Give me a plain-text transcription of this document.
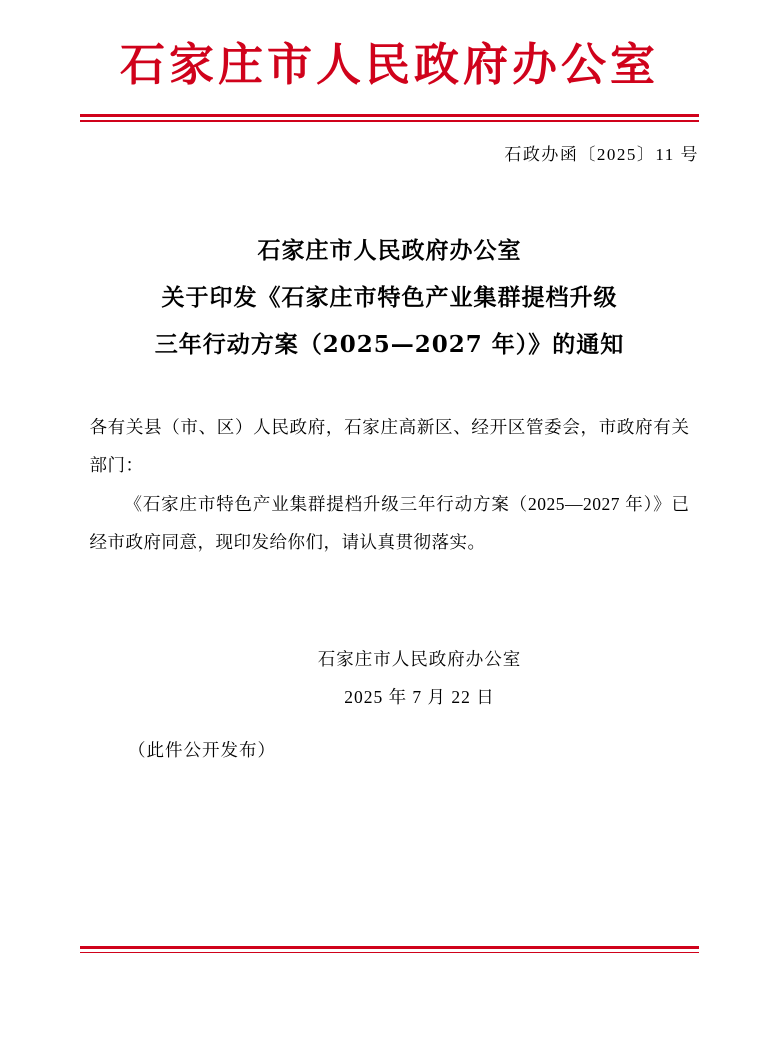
石家庄市人民政府办公室
石政办函〔2025〕11 号
石家庄市人民政府办公室
关于印发《石家庄市特色产业集群提档升级
三年行动方案（2025—2027 年）》的通知

各有关县（市、区）人民政府，石家庄高新区、经开区管委会，市政府有关部门：

《石家庄市特色产业集群提档升级三年行动方案（2025—2027 年）》已经市政府同意，现印发给你们，请认真贯彻落实。

石家庄市人民政府办公室
2025 年 7 月 22 日
（此件公开发布）
